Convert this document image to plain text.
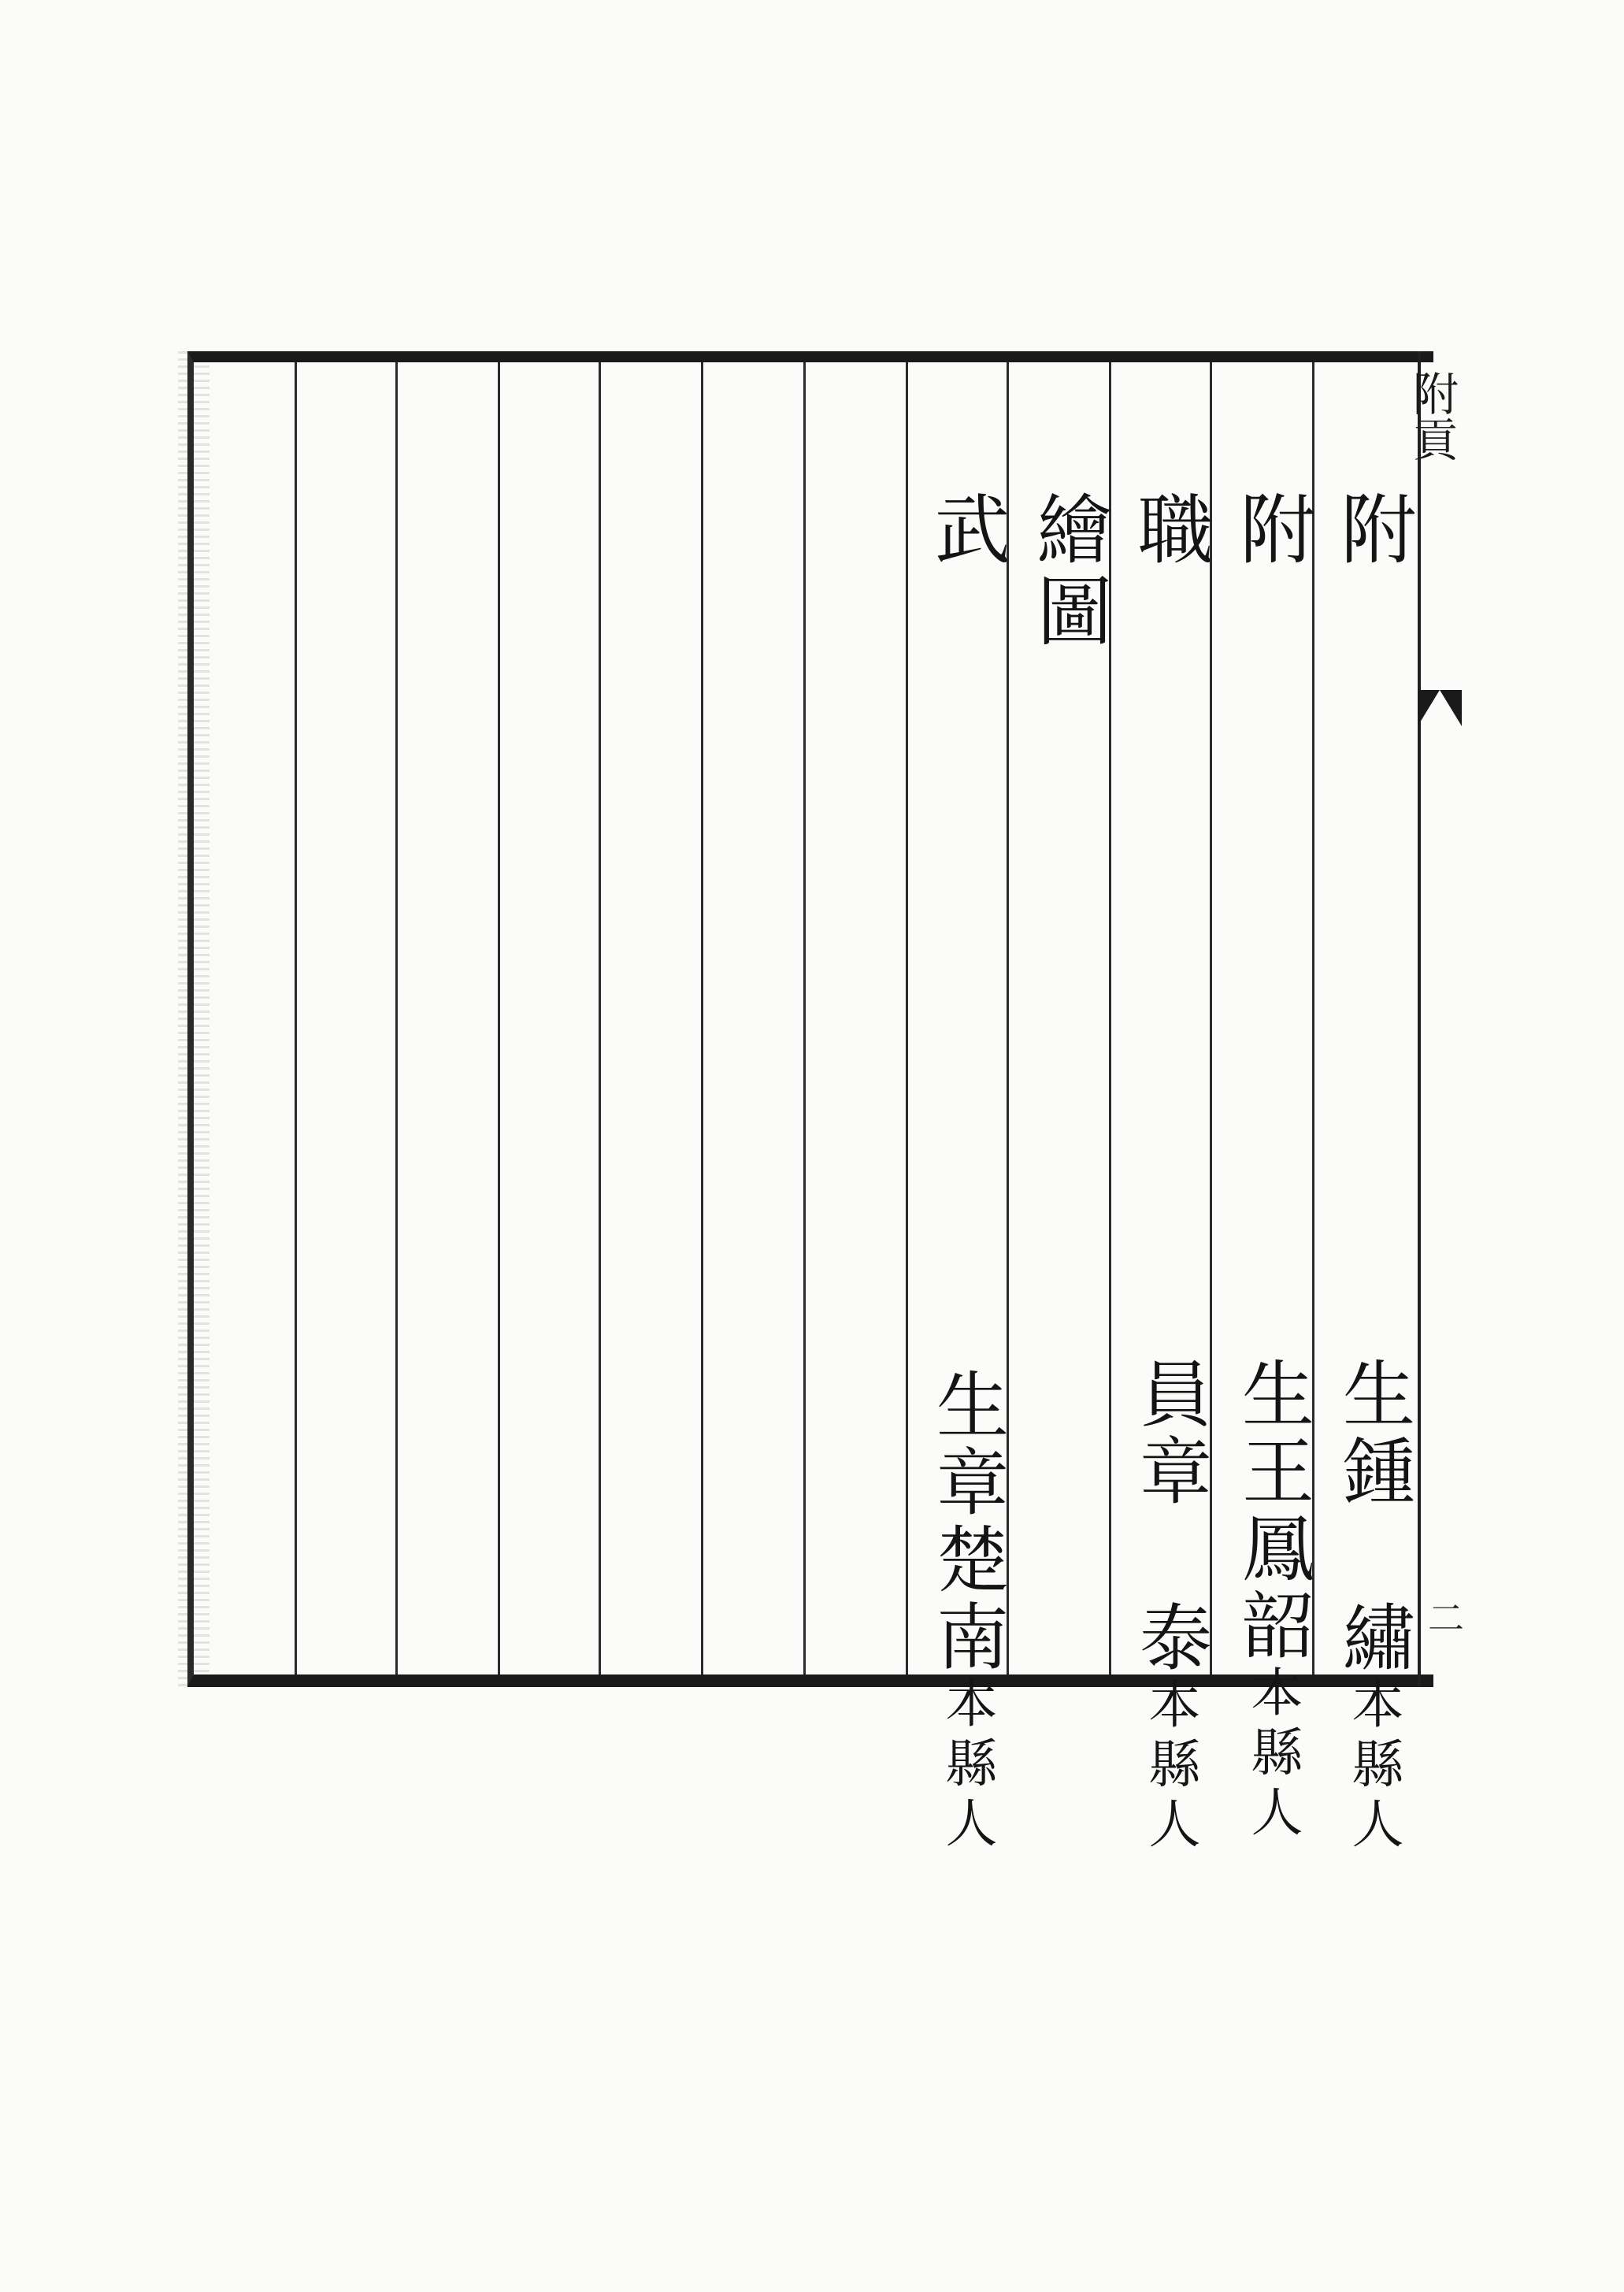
附貢
二
附
附
職
繪圖
武
生鍾 繡本縣人
生王鳳韶本縣人
員章 泰本縣人
生章楚南本縣人
